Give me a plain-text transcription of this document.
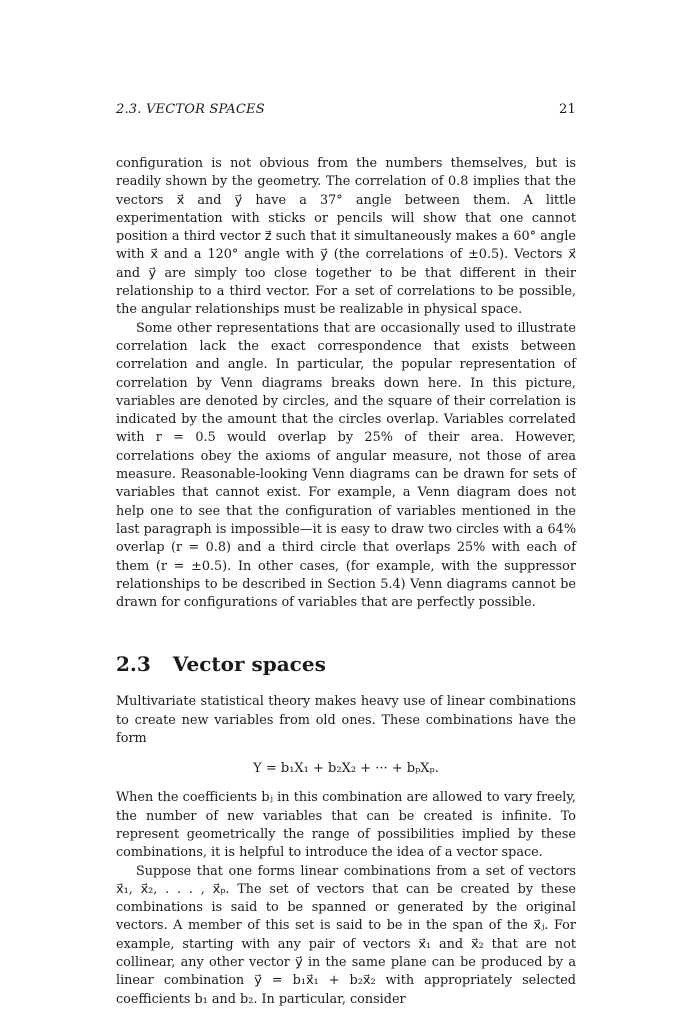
2.3. VECTOR SPACES	21

configuration is not obvious from the numbers themselves, but is readily shown by the geometry. The correlation of 0.8 implies that the vectors x⃗ and y⃗ have a 37° angle between them. A little experimentation with sticks or pencils will show that one cannot position a third vector z⃗ such that it simultaneously makes a 60° angle with x⃗ and a 120° angle with y⃗ (the correlations of ±0.5). Vectors x⃗ and y⃗ are simply too close together to be that different in their relationship to a third vector. For a set of correlations to be possible, the angular relationships must be realizable in physical space.

Some other representations that are occasionally used to illustrate correlation lack the exact correspondence that exists between correlation and angle. In particular, the popular representation of correlation by Venn diagrams breaks down here. In this picture, variables are denoted by circles, and the square of their correlation is indicated by the amount that the circles overlap. Variables correlated with r = 0.5 would overlap by 25% of their area. However, correlations obey the axioms of angular measure, not those of area measure. Reasonable-looking Venn diagrams can be drawn for sets of variables that cannot exist. For example, a Venn diagram does not help one to see that the configuration of variables mentioned in the last paragraph is impossible—it is easy to draw two circles with a 64% overlap (r = 0.8) and a third circle that overlaps 25% with each of them (r = ±0.5). In other cases, (for example, with the suppressor relationships to be described in Section 5.4) Venn diagrams cannot be drawn for configurations of variables that are perfectly possible.

2.3 Vector spaces

Multivariate statistical theory makes heavy use of linear combinations to create new variables from old ones. These combinations have the form

Y = b₁X₁ + b₂X₂ + ··· + bₚXₚ.

When the coefficients bⱼ in this combination are allowed to vary freely, the number of new variables that can be created is infinite. To represent geometrically the range of possibilities implied by these combinations, it is helpful to introduce the idea of a vector space.

Suppose that one forms linear combinations from a set of vectors x⃗₁, x⃗₂, . . . , x⃗ₚ. The set of vectors that can be created by these combinations is said to be spanned or generated by the original vectors. A member of this set is said to be in the span of the x⃗ⱼ. For example, starting with any pair of vectors x⃗₁ and x⃗₂ that are not collinear, any other vector y⃗ in the same plane can be produced by a linear combination y⃗ = b₁x⃗₁ + b₂x⃗₂ with appropriately selected coefficients b₁ and b₂. In particular, consider
